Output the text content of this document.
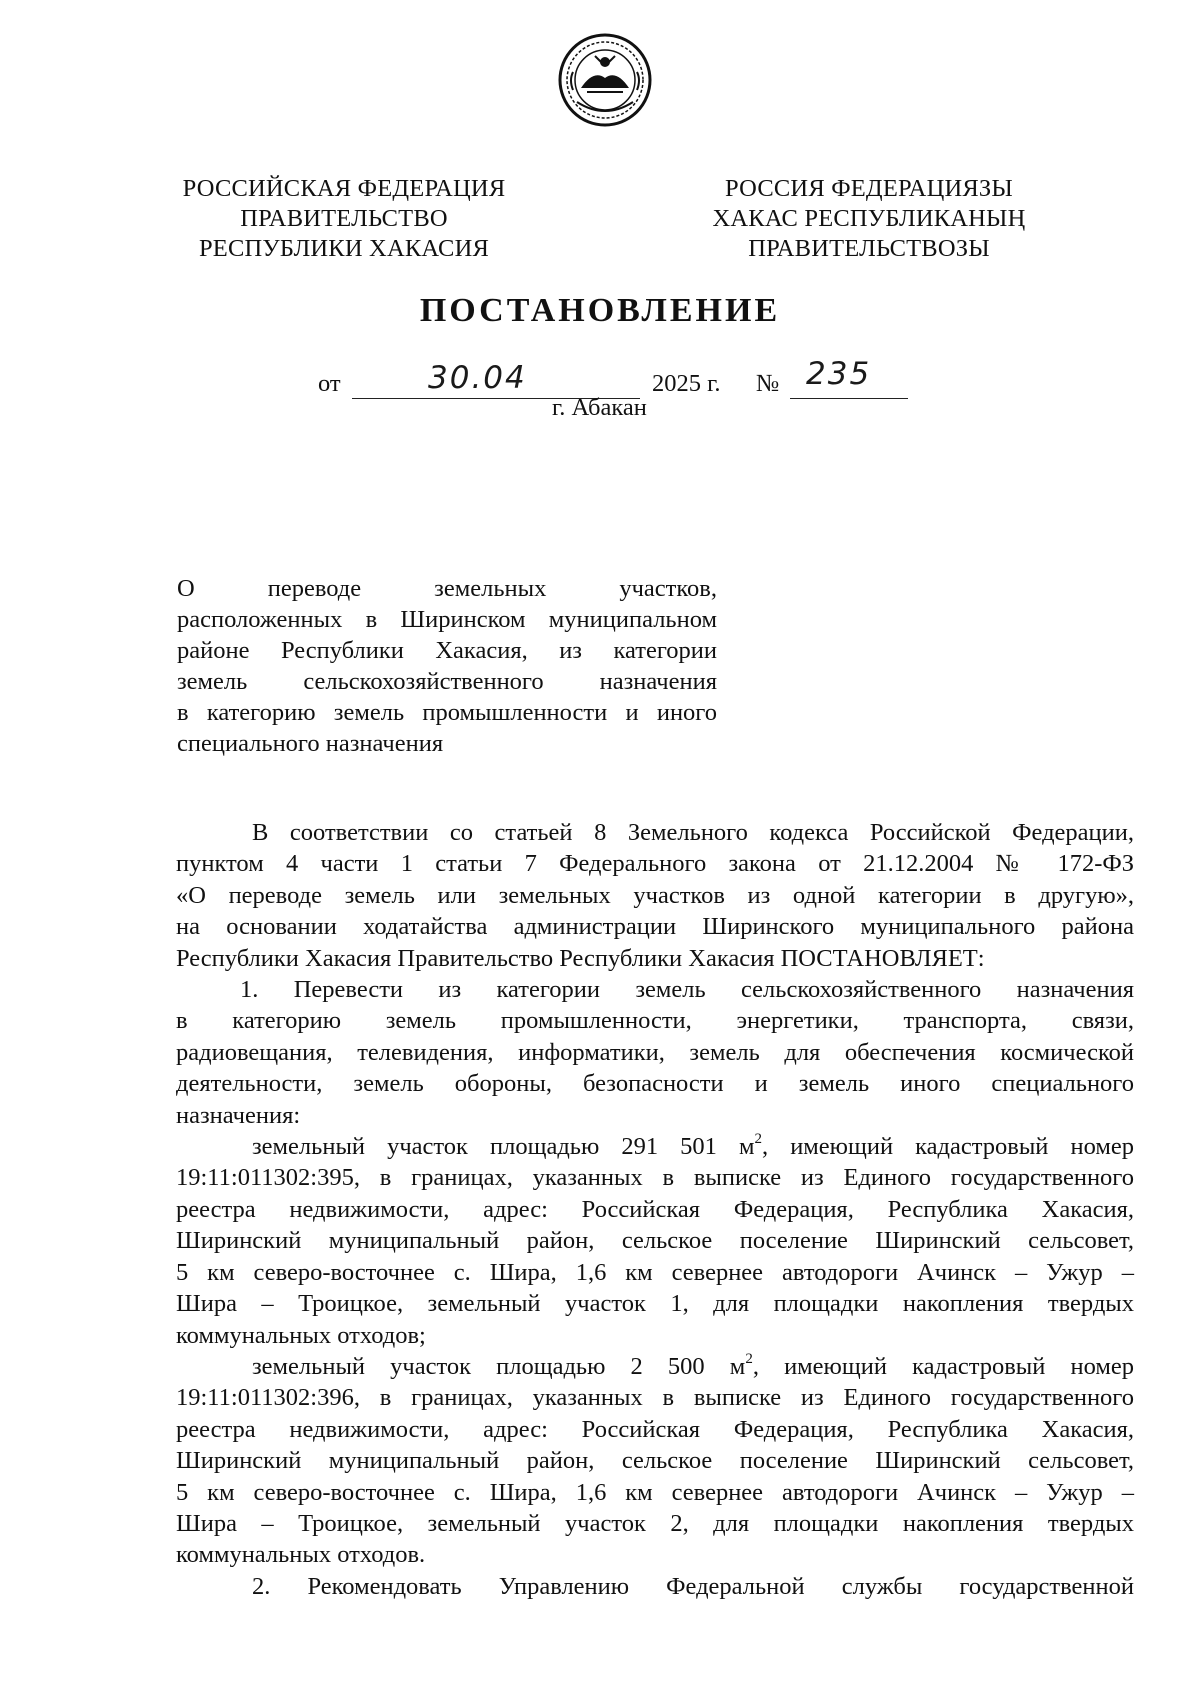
РОССИЙСКАЯ ФЕДЕРАЦИЯ
ПРАВИТЕЛЬСТВО
РЕСПУБЛИКИ ХАКАСИЯ
РОССИЯ ФЕДЕРАЦИЯЗЫ
ХАКАС РЕСПУБЛИКАНЫҢ
ПРАВИТЕЛЬСТВОЗЫ
ПОСТАНОВЛЕНИЕ
от	30.04	2025 г. № 235
г. Абакан
О переводе земельных участков,
расположенных в Ширинском муниципальном
районе Республики Хакасия, из категории
земель сельскохозяйственного назначения
в категорию земель промышленности и иного
специального назначения
В соответствии со статьей 8 Земельного кодекса Российской Федерации,
пунктом 4 части 1 статьи 7 Федерального закона от 21.12.2004 № 172-ФЗ
«О переводе земель или земельных участков из одной категории в другую»,
на основании ходатайства администрации Ширинского муниципального района
Республики Хакасия Правительство Республики Хакасия ПОСТАНОВЛЯЕТ:
1. Перевести из категории земель сельскохозяйственного назначения
в категорию земель промышленности, энергетики, транспорта, связи,
радиовещания, телевидения, информатики, земель для обеспечения космической
деятельности, земель обороны, безопасности и земель иного специального
назначения:
земельный участок площадью 291 501 $м^2$, имеющий кадастровый номер
19:11:011302:395, в границах, указанных в выписке из Единого государственного
реестра недвижимости, адрес: Российская Федерация, Республика Хакасия,
Ширинский муниципальный район, сельское поселение Ширинский сельсовет,
5 км северо-восточнее с. Шира, 1,6 км севернее автодороги Ачинск – Ужур –
Шира – Троицкое, земельный участок 1, для площадки накопления твердых
коммунальных отходов;
земельный участок площадью 2 500 $м^2$, имеющий кадастровый номер
19:11:011302:396, в границах, указанных в выписке из Единого государственного
реестра недвижимости, адрес: Российская Федерация, Республика Хакасия,
Ширинский муниципальный район, сельское поселение Ширинский сельсовет,
5 км северо-восточнее с. Шира, 1,6 км севернее автодороги Ачинск – Ужур –
Шира – Троицкое, земельный участок 2, для площадки накопления твердых
коммунальных отходов.
2. Рекомендовать Управлению Федеральной службы государственной
